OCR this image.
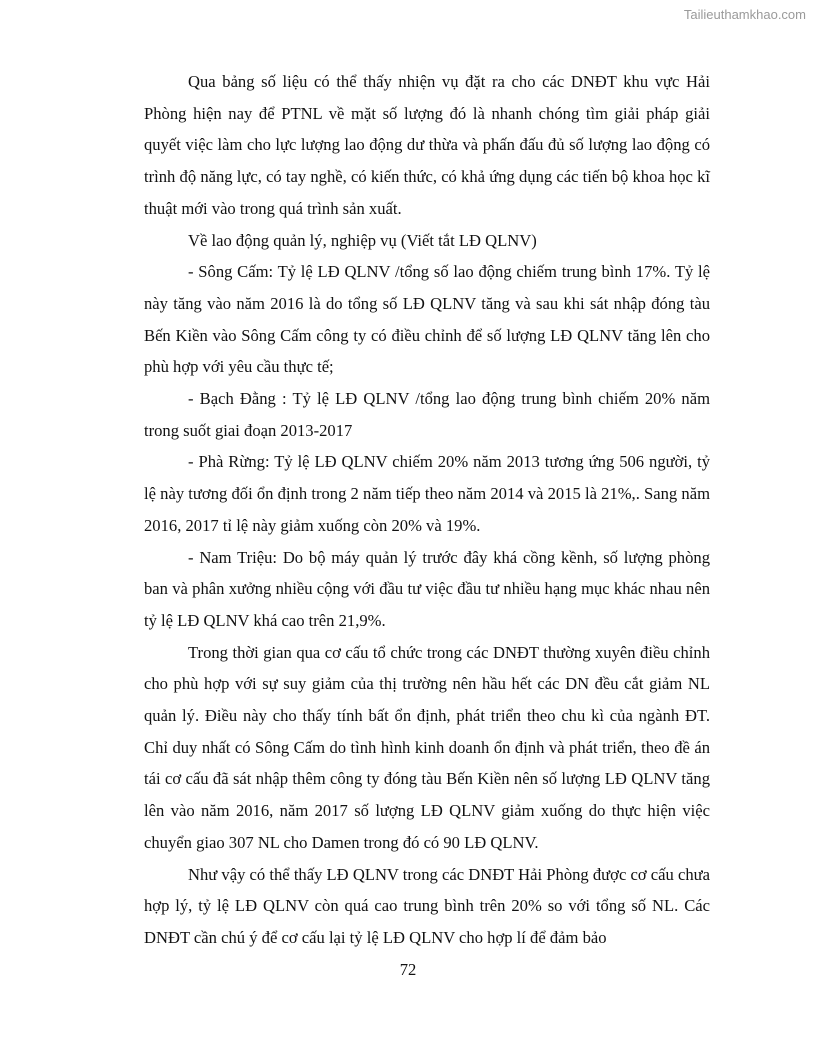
Tailieuthamkhao.com

Qua bảng số liệu có thể thấy nhiện vụ đặt ra cho các DNĐT khu vực Hải Phòng hiện nay để PTNL về mặt số lượng đó là nhanh chóng tìm giải pháp giải quyết việc làm cho lực lượng lao động dư thừa và phấn đấu đủ số lượng lao động có trình độ năng lực, có tay nghề, có kiến thức, có khả ứng dụng các tiến bộ khoa học kĩ thuật mới vào trong quá trình sản xuất.

Về lao động quản lý, nghiệp vụ (Viết tắt LĐ QLNV)

- Sông Cấm: Tỷ lệ LĐ QLNV /tổng số lao động chiếm trung bình 17%. Tỷ lệ này tăng vào năm 2016 là do tổng số LĐ QLNV tăng và sau khi sát nhập đóng tàu Bến Kiền vào Sông Cấm công ty có điều chỉnh để số lượng LĐ QLNV tăng lên cho phù hợp với yêu cầu thực tế;

- Bạch Đằng : Tỷ lệ LĐ QLNV /tổng lao động trung bình chiếm 20% năm trong suốt giai đoạn 2013-2017

- Phà Rừng: Tỷ lệ LĐ QLNV chiếm 20% năm 2013 tương ứng 506 người, tỷ lệ này tương đối ổn định trong 2 năm tiếp theo năm 2014 và 2015 là 21%,. Sang năm 2016, 2017 tỉ lệ này giảm xuống còn 20% và 19%.

- Nam Triệu: Do bộ máy quản lý trước đây khá cồng kềnh, số lượng phòng ban và phân xưởng nhiều cộng với đầu tư việc đầu tư nhiều hạng mục khác nhau nên tỷ lệ LĐ QLNV khá cao trên 21,9%.

Trong thời gian qua cơ cấu tổ chức trong các DNĐT thường xuyên điều chỉnh cho phù hợp với sự suy giảm của thị trường nên hầu hết các DN đều cắt giảm NL quản lý. Điều này cho thấy tính bất ổn định, phát triển theo chu kì của ngành ĐT. Chỉ duy nhất có Sông Cấm do tình hình kinh doanh ổn định và phát triển, theo đề án tái cơ cấu đã sát nhập thêm công ty đóng tàu Bến Kiền nên số lượng LĐ QLNV tăng lên vào năm 2016, năm 2017 số lượng LĐ QLNV giảm xuống do thực hiện việc chuyển giao 307 NL cho Damen trong đó có 90 LĐ QLNV.

Như vậy có thể thấy LĐ QLNV trong các DNĐT Hải Phòng được cơ cấu chưa hợp lý, tỷ lệ LĐ QLNV còn quá cao trung bình trên 20% so với tổng số NL. Các DNĐT cần chú ý để cơ cấu lại tỷ lệ LĐ QLNV cho hợp lí để đảm bảo

72
